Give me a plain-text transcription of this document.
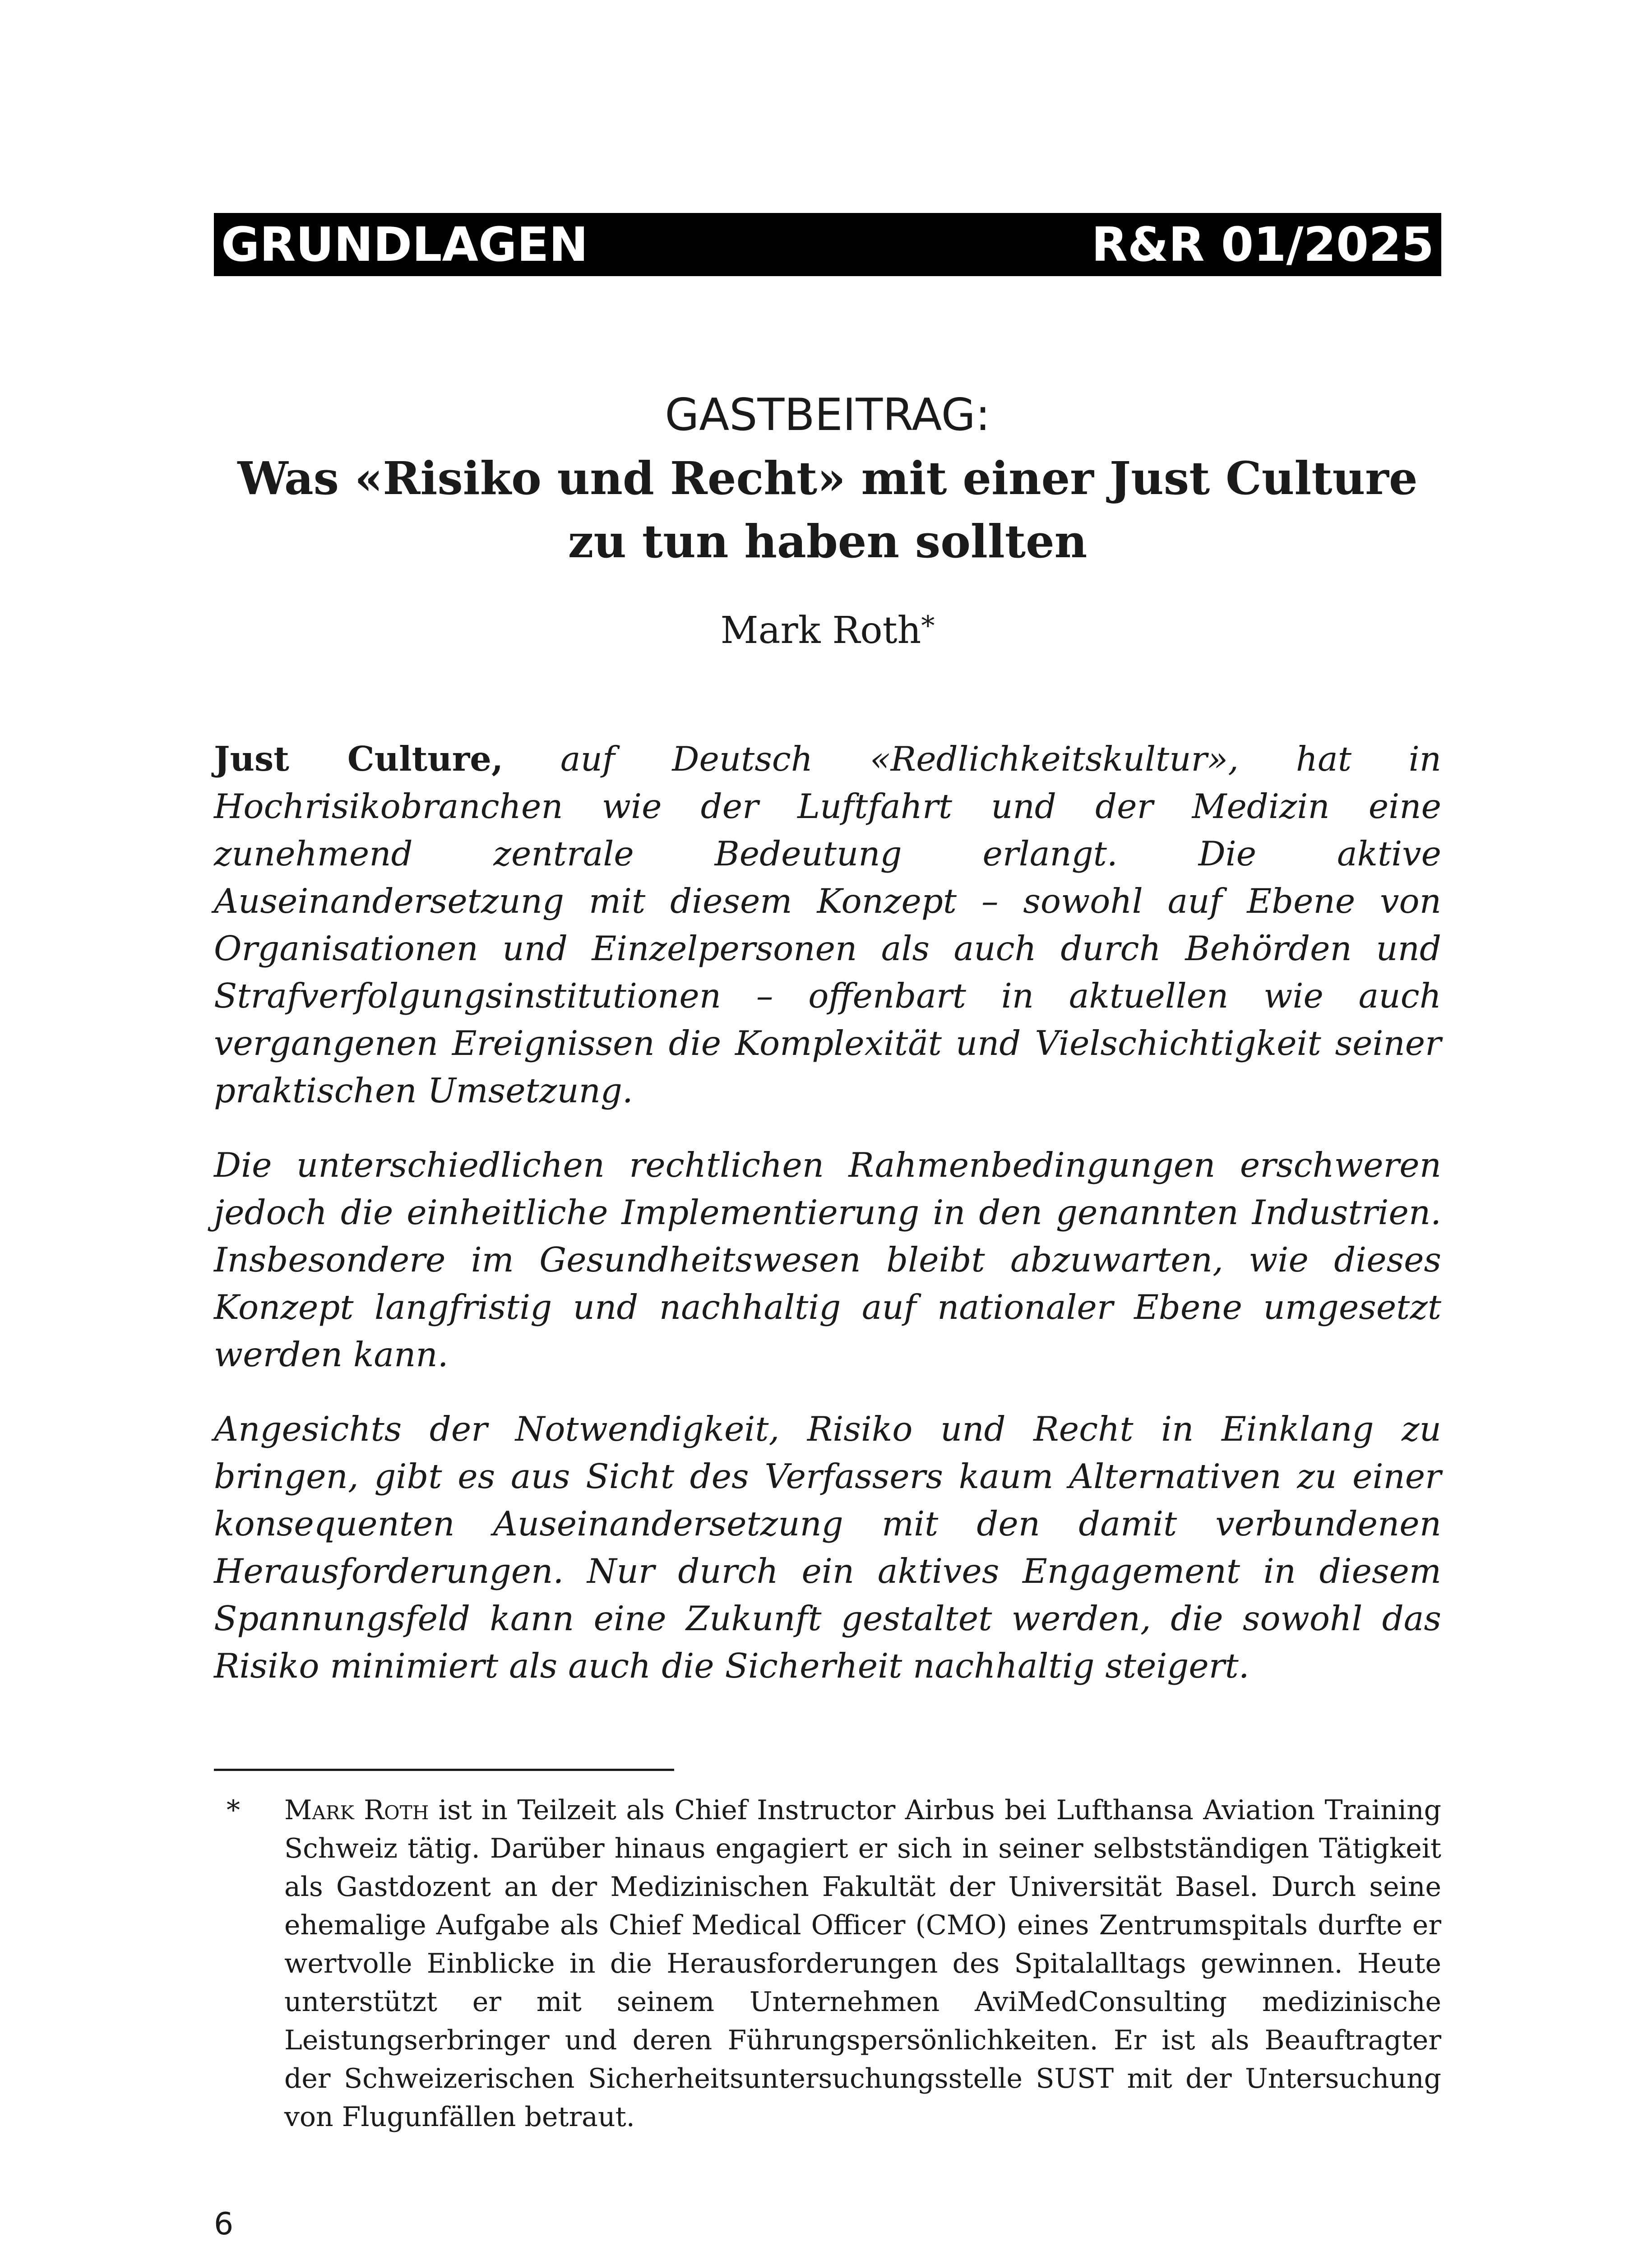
GRUNDLAGEN	R&R 01/2025
GASTBEITRAG:
Was «Risiko und Recht» mit einer Just Culture zu tun haben sollten
Mark Roth*

Just Culture, auf Deutsch «Redlichkeitskultur», hat in Hochrisikobranchen wie der Luftfahrt und der Medizin eine zunehmend zentrale Bedeutung erlangt. Die aktive Auseinandersetzung mit diesem Konzept – sowohl auf Ebene von Organisationen und Einzelpersonen als auch durch Behörden und Strafverfolgungsinstitutionen – offenbart in aktuellen wie auch vergangenen Ereignissen die Komplexität und Vielschichtigkeit seiner praktischen Umsetzung.

Die unterschiedlichen rechtlichen Rahmenbedingungen erschweren jedoch die einheitliche Implementierung in den genannten Industrien. Insbesondere im Gesundheitswesen bleibt abzuwarten, wie dieses Konzept langfristig und nachhaltig auf nationaler Ebene umgesetzt werden kann.

Angesichts der Notwendigkeit, Risiko und Recht in Einklang zu bringen, gibt es aus Sicht des Verfassers kaum Alternativen zu einer konsequenten Auseinandersetzung mit den damit verbundenen Herausforderungen. Nur durch ein aktives Engagement in diesem Spannungsfeld kann eine Zukunft gestaltet werden, die sowohl das Risiko minimiert als auch die Sicherheit nachhaltig steigert.

* Mark Roth ist in Teilzeit als Chief Instructor Airbus bei Lufthansa Aviation Training Schweiz tätig. Darüber hinaus engagiert er sich in seiner selbstständigen Tätigkeit als Gastdozent an der Medizinischen Fakultät der Universität Basel. Durch seine ehemalige Aufgabe als Chief Medical Officer (CMO) eines Zentrumspitals durfte er wertvolle Einblicke in die Herausforderungen des Spitalalltags gewinnen. Heute unterstützt er mit seinem Unternehmen AviMedConsulting medizinische Leistungserbringer und deren Führungspersönlichkeiten. Er ist als Beauftragter der Schweizerischen Sicherheitsuntersuchungsstelle SUST mit der Untersuchung von Flugunfällen betraut.
6
